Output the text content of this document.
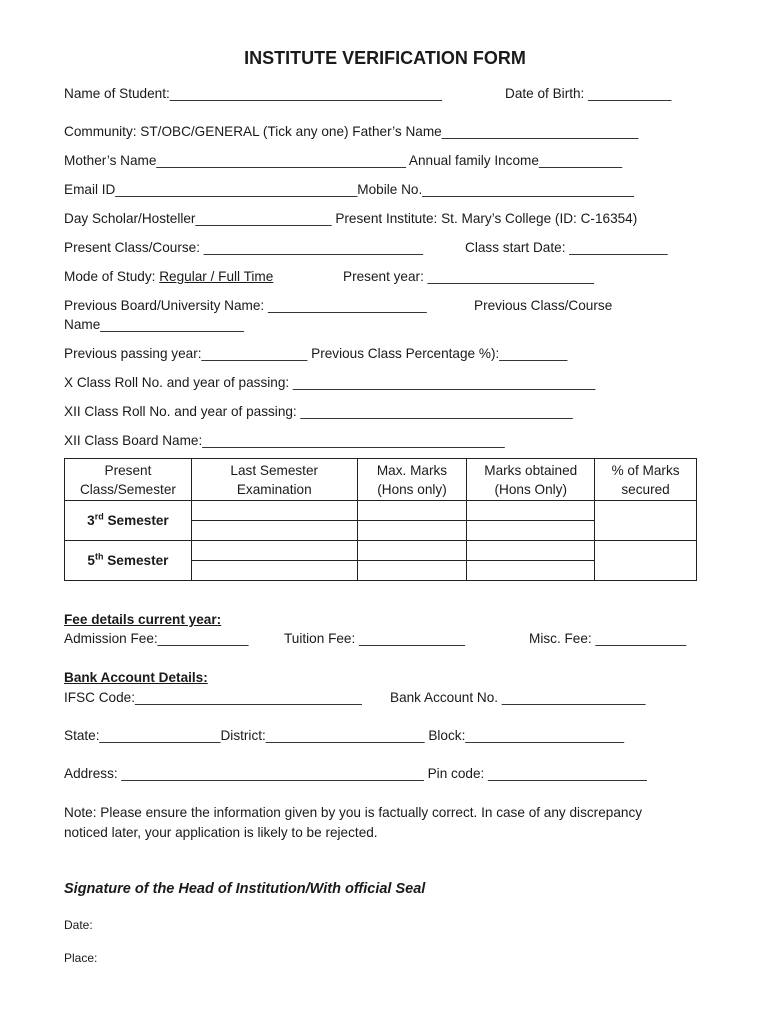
INSTITUTE VERIFICATION FORM
Name of Student:____________________________________	Date of Birth: ___________
Community: ST/OBC/GENERAL (Tick any one) Father’s Name__________________________
Mother’s Name_________________________________ Annual family Income___________
Email ID________________________________Mobile No.____________________________
Day Scholar/Hosteller__________________ Present Institute: St. Mary’s College (ID: C-16354)
Present Class/Course: _____________________________	Class start Date: _____________
Mode of Study: Regular / Full Time	Present year: ______________________
Previous Board/University Name: _____________________	Previous Class/Course
Name___________________
Previous passing year:______________ Previous Class Percentage %):_________
X Class Roll No. and year of passing: ________________________________________
XII Class Roll No. and year of passing: ____________________________________
XII Class Board Name:________________________________________
Present Class/Semester	Last Semester Examination	Max. Marks (Hons only)	Marks obtained (Hons Only)	% of Marks secured
3rd Semester				

5th Semester				

Fee details current year:
Admission Fee:____________	Tuition Fee: ______________	Misc. Fee: ____________
Bank Account Details:
IFSC Code:______________________________ Bank Account No. ___________________
State:________________District:_____________________ Block:_____________________
Address: ________________________________________ Pin code: _____________________
Note: Please ensure the information given by you is factually correct. In case of any discrepancy
noticed later, your application is likely to be rejected.
Signature of the Head of Institution/With official Seal
Date:
Place:
